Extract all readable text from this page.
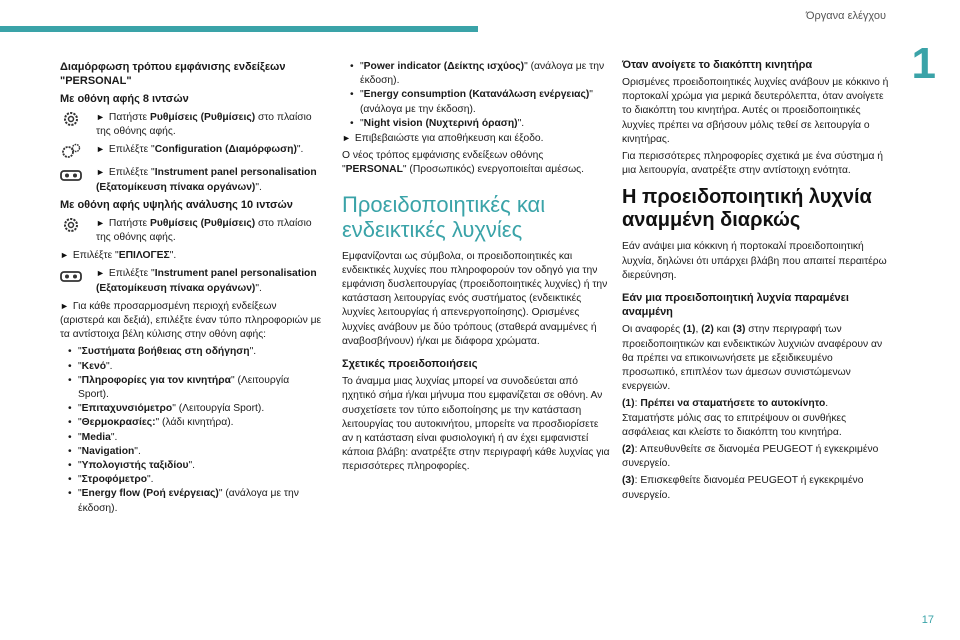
Όργανα ελέγχου
1
17
Διαμόρφωση τρόπου εμφάνισης ενδείξεων "PERSONAL"
Με οθόνη αφής 8 ιντσών
► Πατήστε Ρυθμίσεις (Ρυθμίσεις) στο πλαίσιο της οθόνης αφής.
► Επιλέξτε "Configuration (Διαμόρφωση)".
► Επιλέξτε "Instrument panel personalisation (Εξατομίκευση πίνακα οργάνων)".
Με οθόνη αφής υψηλής ανάλυσης 10 ιντσών
► Πατήστε Ρυθμίσεις (Ρυθμίσεις) στο πλαίσιο της οθόνης αφής.
► Επιλέξτε "ΕΠΙΛΟΓΕΣ".
► Επιλέξτε "Instrument panel personalisation (Εξατομίκευση πίνακα οργάνων)".
► Για κάθε προσαρμοσμένη περιοχή ενδείξεων (αριστερά και δεξιά), επιλέξτε έναν τύπο πληροφοριών με τα αντίστοιχα βέλη κύλισης στην οθόνη αφής:
• "Συστήματα βοήθειας στη οδήγηση".
• "Κενό".
• "Πληροφορίες για τον κινητήρα" (Λειτουργία Sport).
• "Επιταχυνσιόμετρο" (Λειτουργία Sport).
• "Θερμοκρασίες:" (λάδι κινητήρα).
• "Media".
• "Navigation".
• "Υπολογιστής ταξιδίου".
• "Στροφόμετρο".
• "Energy flow (Ροή ενέργειας)" (ανάλογα με την έκδοση).
• "Power indicator (Δείκτης ισχύος)" (ανάλογα με την έκδοση).
• "Energy consumption (Κατανάλωση ενέργειας)" (ανάλογα με την έκδοση).
• "Night vision (Νυχτερινή όραση)".
► Επιβεβαιώστε για αποθήκευση και έξοδο.
Ο νέος τρόπος εμφάνισης ενδείξεων οθόνης "PERSONAL" (Προσωπικός) ενεργοποιείται αμέσως.
Προειδοποιητικές και ενδεικτικές λυχνίες
Εμφανίζονται ως σύμβολα, οι προειδοποιητικές και ενδεικτικές λυχνίες που πληροφορούν τον οδηγό για την εμφάνιση δυσλειτουργίας (προειδοποιητικές λυχνίες) ή την κατάσταση λειτουργίας ενός συστήματος (ενδεικτικές λυχνίες λειτουργίας ή απενεργοποίησης). Ορισμένες λυχνίες ανάβουν με δύο τρόπους (σταθερά αναμμένες ή αναβοσβήνουν) ή/και με διάφορα χρώματα.
Σχετικές προειδοποιήσεις
Το άναμμα μιας λυχνίας μπορεί να συνοδεύεται από ηχητικό σήμα ή/και μήνυμα που εμφανίζεται σε οθόνη. Αν συσχετίσετε τον τύπο ειδοποίησης με την κατάσταση λειτουργίας του αυτοκινήτου, μπορείτε να προσδιορίσετε αν η κατάσταση είναι φυσιολογική ή αν έχει εμφανιστεί κάποια βλάβη: ανατρέξτε στην περιγραφή κάθε λυχνίας για περισσότερες πληροφορίες.
Όταν ανοίγετε το διακόπτη κινητήρα
Ορισμένες προειδοποιητικές λυχνίες ανάβουν με κόκκινο ή πορτοκαλί χρώμα για μερικά δευτερόλεπτα, όταν ανοίγετε το διακόπτη του κινητήρα. Αυτές οι προειδοποιητικές λυχνίες πρέπει να σβήσουν μόλις τεθεί σε λειτουργία ο κινητήρας.
Για περισσότερες πληροφορίες σχετικά με ένα σύστημα ή μια λειτουργία, ανατρέξτε στην αντίστοιχη ενότητα.
Η προειδοποιητική λυχνία αναμμένη διαρκώς
Εάν ανάψει μια κόκκινη ή πορτοκαλί προειδοποιητική λυχνία, δηλώνει ότι υπάρχει βλάβη που απαιτεί περαιτέρω διερεύνηση.
Εάν μια προειδοποιητική λυχνία παραμένει αναμμένη
Οι αναφορές (1), (2) και (3) στην περιγραφή των προειδοποιητικών και ενδεικτικών λυχνιών αναφέρουν αν θα πρέπει να επικοινωνήσετε με εξειδικευμένο προσωπικό, επιπλέον των άμεσων συνιστώμενων ενεργειών.
(1): Πρέπει να σταματήσετε το αυτοκίνητο.
Σταματήστε μόλις σας το επιτρέψουν οι συνθήκες ασφάλειας και κλείστε το διακόπτη του κινητήρα.
(2): Απευθυνθείτε σε διανομέα PEUGEOT ή εγκεκριμένο συνεργείο.
(3): Επισκεφθείτε διανομέα PEUGEOT ή εγκεκριμένο συνεργείο.
